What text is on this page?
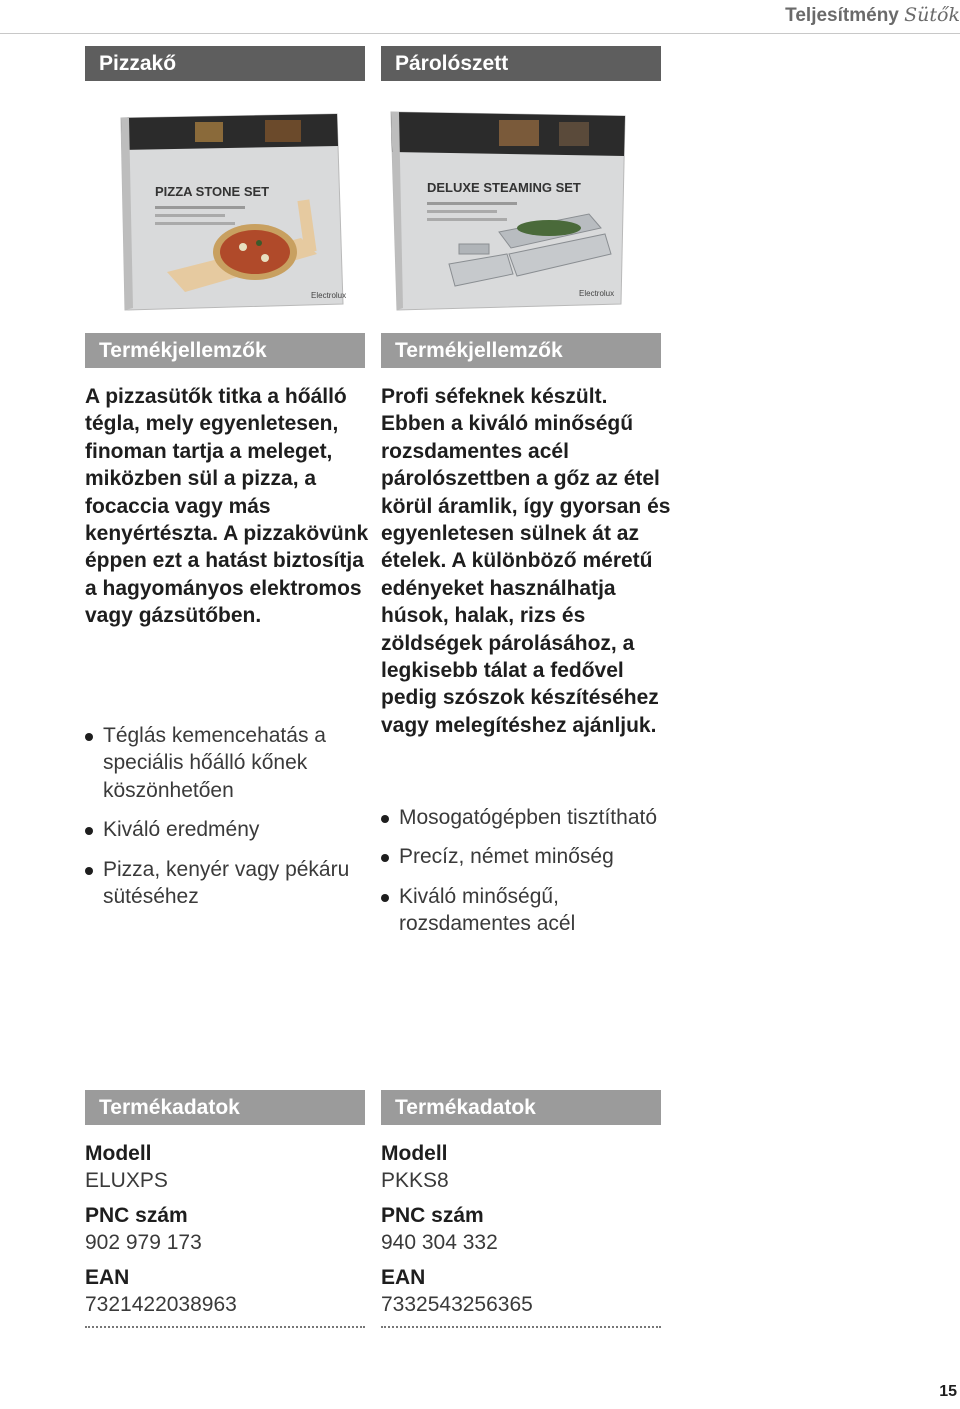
Teljesítmény Sütők
Pizzakő
PIZZA STONE SET
Electrolux
Termékjellemzők
A pizzasütők titka a hőálló tégla, mely egyenletesen, finoman tartja a meleget, miközben sül a pizza, a focaccia vagy más kenyértészta. A pizzakövünk éppen ezt a hatást biztosítja a hagyományos elektromos vagy gázsütőben.
Téglás kemencehatás a speciális hőálló kőnek köszönhetően
Kiváló eredmény
Pizza, kenyér vagy pékáru sütéséhez
Termékadatok
Modell
ELUXPS
PNC szám
902 979 173
EAN
7321422038963
Párolószett
DELUXE STEAMING SET
Electrolux
Termékjellemzők
Profi séfeknek készült. Ebben a kiváló minőségű rozsdamentes acél párolószettben a gőz az étel körül áramlik, így gyorsan és egyenletesen sülnek át az ételek. A különböző méretű edényeket használhatja húsok, halak, rizs és zöldségek párolásához, a legkisebb tálat a fedővel pedig szószok készítéséhez vagy melegítéshez ajánljuk.
Mosogatógépben tisztítható
Precíz, német minőség
Kiváló minőségű, rozsdamentes acél
Termékadatok
Modell
PKKS8
PNC szám
940 304 332
EAN
7332543256365
15
